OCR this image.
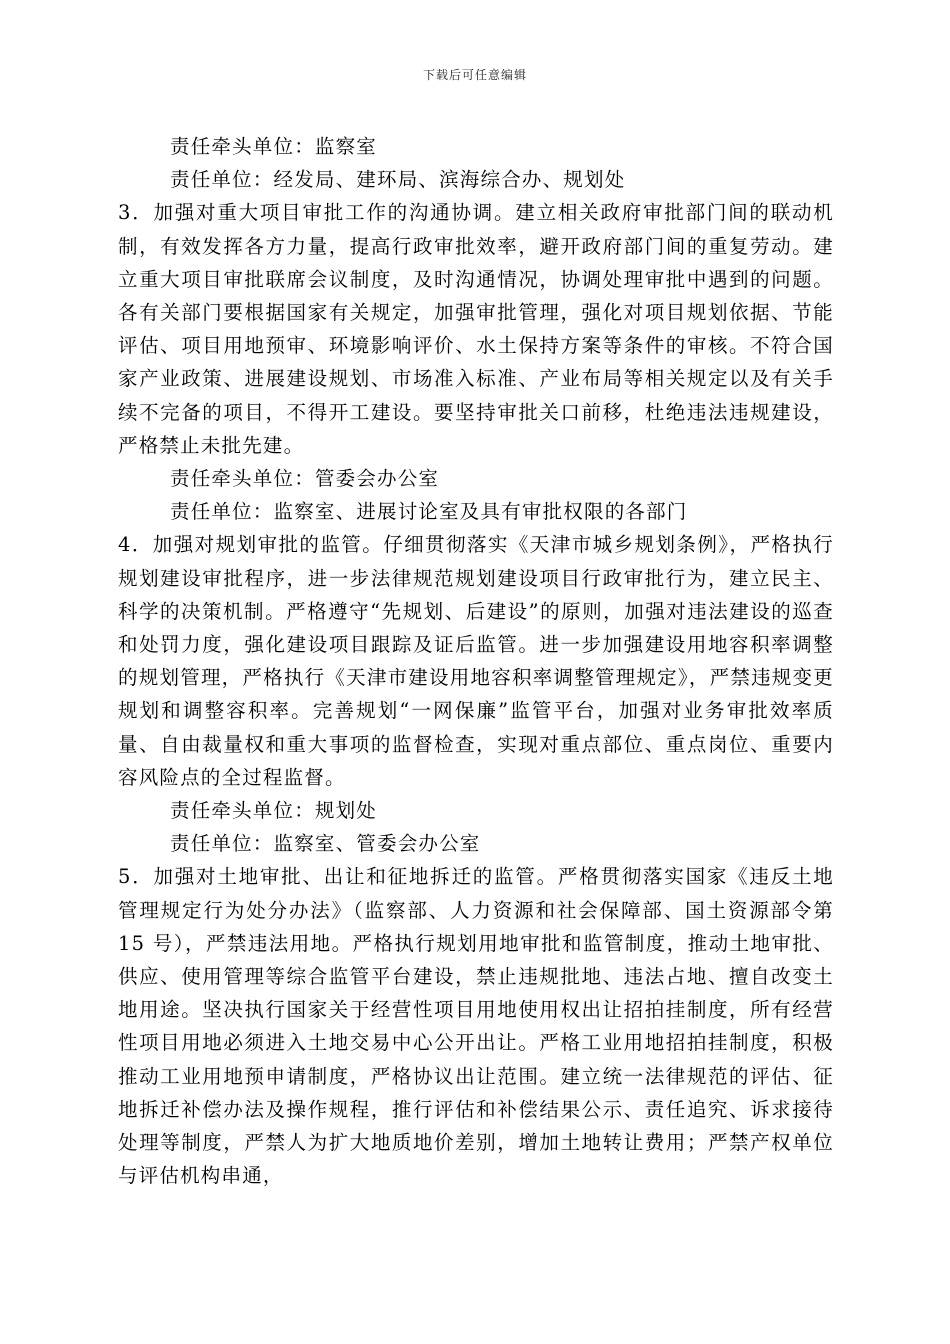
下载后可任意编辑

责任牵头单位：监察室

责任单位：经发局、建环局、滨海综合办、规划处

3．加强对重大项目审批工作的沟通协调。建立相关政府审批部门间的联动机制，有效发挥各方力量，提高行政审批效率，避开政府部门间的重复劳动。建立重大项目审批联席会议制度，及时沟通情况，协调处理审批中遇到的问题。各有关部门要根据国家有关规定，加强审批管理，强化对项目规划依据、节能评估、项目用地预审、环境影响评价、水土保持方案等条件的审核。不符合国家产业政策、进展建设规划、市场准入标准、产业布局等相关规定以及有关手续不完备的项目，不得开工建设。要坚持审批关口前移，杜绝违法违规建设，严格禁止未批先建。

责任牵头单位：管委会办公室

责任单位：监察室、进展讨论室及具有审批权限的各部门

4．加强对规划审批的监管。仔细贯彻落实《天津市城乡规划条例》，严格执行规划建设审批程序，进一步法律规范规划建设项目行政审批行为，建立民主、科学的决策机制。严格遵守“先规划、后建设”的原则，加强对违法建设的巡查和处罚力度，强化建设项目跟踪及证后监管。进一步加强建设用地容积率调整的规划管理，严格执行《天津市建设用地容积率调整管理规定》，严禁违规变更规划和调整容积率。完善规划“一网保廉”监管平台，加强对业务审批效率质量、自由裁量权和重大事项的监督检查，实现对重点部位、重点岗位、重要内容风险点的全过程监督。

责任牵头单位：规划处

责任单位：监察室、管委会办公室

5．加强对土地审批、出让和征地拆迁的监管。严格贯彻落实国家《违反土地管理规定行为处分办法》（监察部、人力资源和社会保障部、国土资源部令第 15 号），严禁违法用地。严格执行规划用地审批和监管制度，推动土地审批、供应、使用管理等综合监管平台建设，禁止违规批地、违法占地、擅自改变土地用途。坚决执行国家关于经营性项目用地使用权出让招拍挂制度，所有经营性项目用地必须进入土地交易中心公开出让。严格工业用地招拍挂制度，积极推动工业用地预申请制度，严格协议出让范围。建立统一法律规范的评估、征地拆迁补偿办法及操作规程，推行评估和补偿结果公示、责任追究、诉求接待处理等制度，严禁人为扩大地质地价差别，增加土地转让费用；严禁产权单位与评估机构串通，
